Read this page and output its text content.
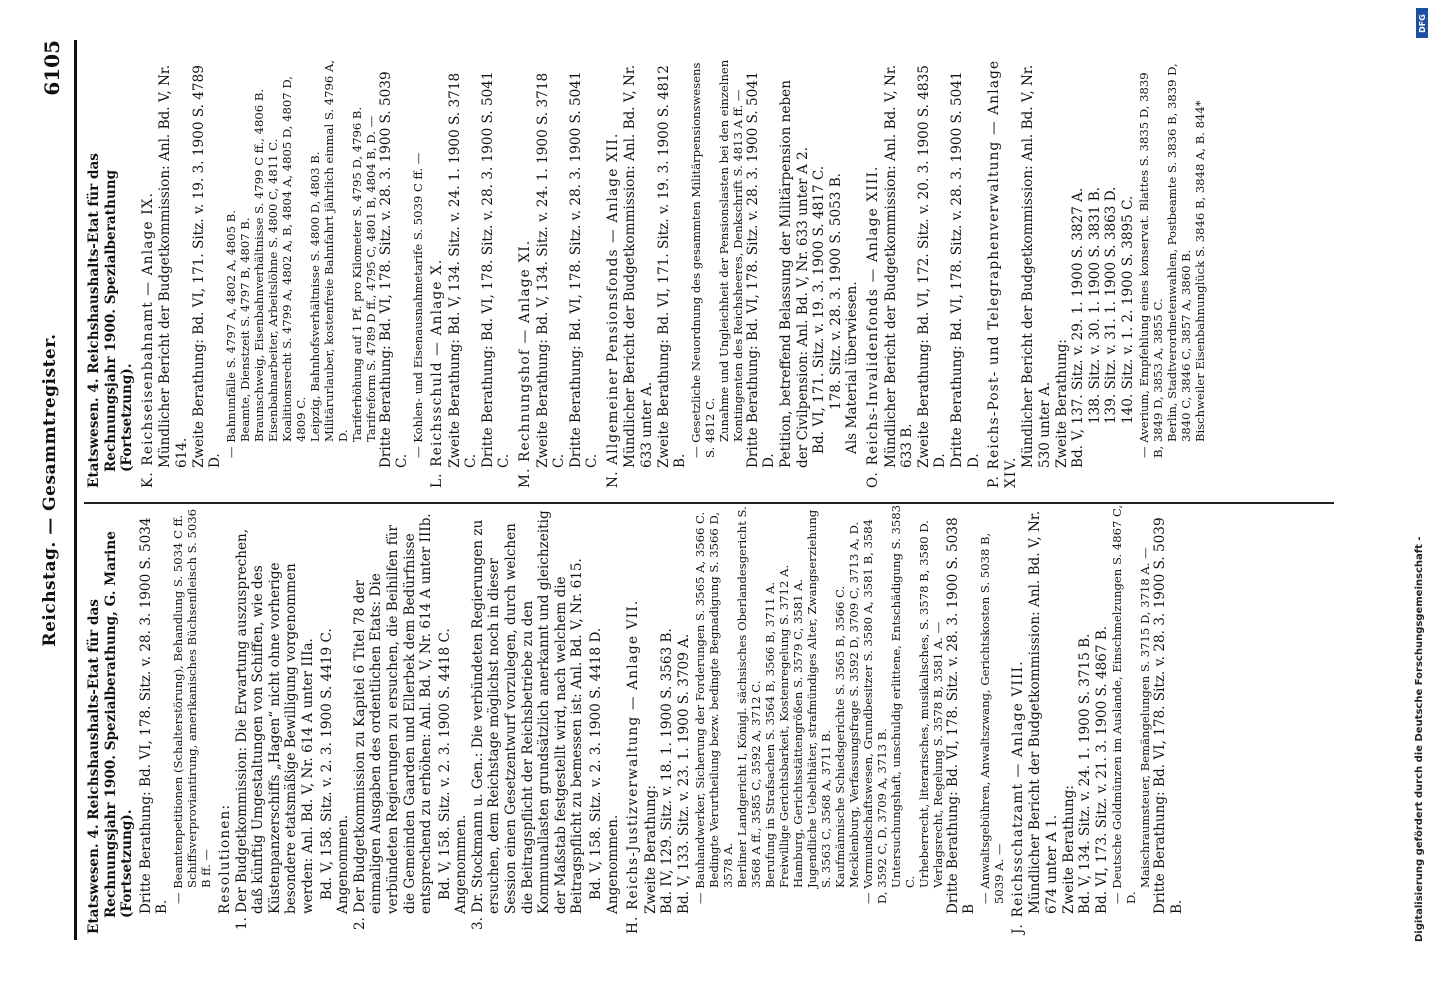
Reichstag. — Gesammtregister.
6105

Etatswesen. 4. Reichshaushalts-Etat für das Rechnungsjahr 1900. Spezialberathung, G. Marine (Fortsetzung). Dritte Berathung: Bd. VI, 178. Sitz. v. 28. 3. 1900 S. 5034 B.

— Beamtenpetitionen (Schalterstörung), Behandlung S. 5034 C ff. Schiffsverproviantirung, amerikanisches Büchsenfleisch S. 5036 B ff. — Resolutionen: 1. Der Budgetkommission: Die Erwartung auszusprechen, daß künftig Umgestaltungen von Schiffen, wie des Küstenpanzerschiffs „Hagen“ nicht ohne vorherige besondere etatsmäßige Bewilligung vorgenommen werden: Anl. Bd. V, Nr. 614 A unter IIIa. Bd. V, 158. Sitz. v. 2. 3. 1900 S. 4419 C. Angenommen. 2. Der Budgetkommission zu Kapitel 6 Titel 78 der einmaligen Ausgaben des ordentlichen Etats: Die verbündeten Regierungen zu ersuchen, die Beihilfen für die Gemeinden Gaarden und Ellerbek dem Bedürfnisse entsprechend zu erhöhen: Anl. Bd. V, Nr. 614 A unter IIIb. Bd. V, 158. Sitz. v. 2. 3. 1900 S. 4418 C. Angenommen. 3. Dr. Stockmann u. Gen.: Die verbündeten Regierungen zu ersuchen, dem Reichstage möglichst noch in dieser Session einen Gesetzentwurf vorzulegen, durch welchen die Beitragspflicht der Reichsbetriebe zu den Kommunallasten grundsätzlich anerkannt und gleichzeitig der Maßstab festgestellt wird, nach welchem die Beitragspflicht zu bemessen ist: Anl. Bd. V, Nr. 615. Bd. V, 158. Sitz. v. 2. 3. 1900 S. 4418 D. Angenommen. H. Reichs-Justizverwaltung — Anlage VII. Zweite Berathung: Bd. IV, 129. Sitz. v. 18. 1. 1900 S. 3563 B. Bd. V, 133. Sitz. v. 23. 1. 1900 S. 3709 A. — Bauhandwerker, Sicherung der Forderungen S. 3565 A, 3566 C. Bedingte Verurtheilung bezw. bedingte Begnadigung S. 3566 D, 3578 A. Berliner Landgericht I, Königl. sächsisches Oberlandesgericht S. 3568 A ff., 3585 C, 3592 A, 3712 C. Berufung in Strafsachen S. 3564 B, 3566 B, 3711 A. Freiwillige Gerichtsbarkeit, Kostenregelung S. 3712 A. Hamburg, Gerichtsstättengrößen S. 3579 C, 3581 A. Jugendliche Uebelthäter, strafmündiges Alter, Zwangserziehung S. 3563 C, 3568 A, 3711 B. Kaufmännische Schiedsgerichte S. 3565 B, 3566 C. Mecklenburg, Verfassungsfrage S. 3592 D, 3709 C, 3713 A, D. — Vormundschaftswesen, Grundbesitzer S. 3580 A, 3581 B, 3584 D, 3592 C, D, 3709 A, 3713 B. Untersuchungshaft, unschuldig erlittene, Entschädigung S. 3583 C. Urheberrecht, literarisches, musikalisches, S. 3578 B, 3580 D. Verlagsrecht, Regelung S. 3578 B, 3581 A. — Dritte Berathung: Bd. VI, 178. Sitz. v. 28. 3. 1900 S. 5038 B

— Anwaltsgebühren, Anwaltszwang, Gerichtskosten S. 5038 B, 5039 A. — J. Reichsschatzamt — Anlage VIII. Mündlicher Bericht der Budgetkommission: Anl. Bd. V, Nr. 674 unter A 1. Zweite Berathung: Bd. V, 134. Sitz. v. 24. 1. 1900 S. 3715 B. Bd. VI, 173. Sitz. v. 21. 3. 1900 S. 4867 B. — Deutsche Goldmünzen im Auslande, Einschmelzungen S. 4867 C, D.

Maischraumsteuer, Bemängelungen S. 3715 D, 3718 A. — Dritte Berathung: Bd. VI, 178. Sitz. v. 28. 3. 1900 S. 5039 B.

Etatswesen. 4. Reichshaushalts-Etat für das Rechnungsjahr 1900. Spezialberathung (Fortsetzung). K. Reichseisenbahnamt — Anlage IX. Mündlicher Bericht der Budgetkommission: Anl. Bd. V, Nr. 614. Zweite Berathung: Bd. VI, 171. Sitz. v. 19. 3. 1900 S. 4789 D.

— Bahnunfälle S. 4797 A, 4802 A, 4805 B. Beamte, Dienstzeit S. 4797 B, 4807 B. Braunschweig, Eisenbahnverhältnisse S. 4799 C ff., 4806 B. Eisenbahnarbeiter, Arbeitslöhne S. 4800 C, 4811 C. Koalitionsrecht S. 4799 A, 4802 A, B, 4804 A, 4805 D, 4807 D, 4809 C. Leipzig, Bahnhofsverhältnisse S. 4800 D, 4803 B. Militärurlauber, kostenfreie Bahnfahrt jährlich einmal S. 4796 A, D. Tariferhöhung auf 1 Pf. pro Kilometer S. 4795 D, 4796 B. Tarifreform S. 4789 D ff., 4795 C, 4801 B, 4804 B, D. — Dritte Berathung: Bd. VI, 178. Sitz. v. 28. 3. 1900 S. 5039 C.

— Kohlen- und Eisenausnahmetarife S. 5039 C ff. — L. Reichsschuld — Anlage X. Zweite Berathung: Bd. V, 134. Sitz. v. 24. 1. 1900 S. 3718 C. Dritte Berathung: Bd. VI, 178. Sitz. v. 28. 3. 1900 S. 5041 C. M. Rechnungshof — Anlage XI. Zweite Berathung: Bd. V, 134. Sitz. v. 24. 1. 1900 S. 3718 C. Dritte Berathung: Bd. VI, 178. Sitz. v. 28. 3. 1900 S. 5041 C. N. Allgemeiner Pensionsfonds — Anlage XII. Mündlicher Bericht der Budgetkommission: Anl. Bd. V, Nr. 633 unter A. Zweite Berathung: Bd. VI, 171. Sitz. v. 19. 3. 1900 S. 4812 B.

— Gesetzliche Neuordnung des gesammten Militärpensionswesens S. 4812 C. Zunahme und Ungleichheit der Pensionslasten bei den einzelnen Kontingenten des Reichsheeres, Denkschrift S. 4813 A ff. — Dritte Berathung: Bd. VI, 178. Sitz. v. 28. 3. 1900 S. 5041 D. Petition, betreffend Belassung der Militärpension neben der Civilpension: Anl. Bd. V, Nr. 633 unter A 2. Bd. VI, 171. Sitz. v. 19. 3. 1900 S. 4817 C. 178. Sitz. v. 28. 3. 1900 S. 5053 B. Als Material überwiesen. O. Reichs-Invalidenfonds — Anlage XIII. Mündlicher Bericht der Budgetkommission: Anl. Bd. V, Nr. 633 B. Zweite Berathung: Bd. VI, 172. Sitz. v. 20. 3. 1900 S. 4835 D. Dritte Berathung: Bd. VI, 178. Sitz. v. 28. 3. 1900 S. 5041 D. P. Reichs-Post- und Telegraphenverwaltung — Anlage XIV.

Mündlicher Bericht der Budgetkommission: Anl. Bd. V, Nr. 530 unter A. Zweite Berathung: Bd. V, 137. Sitz. v. 29. 1. 1900 S. 3827 A. 138. Sitz. v. 30. 1. 1900 S. 3831 B. 139. Sitz. v. 31. 1. 1900 S. 3863 D. 140. Sitz. v. 1. 2. 1900 S. 3895 C. — Averium, Empfehlung eines konservat. Blattes S. 3835 D, 3839 B, 3849 D, 3853 A, 3855 C. Berlin, Stadtverordnetenwahlen, Postbeamte S. 3836 B, 3839 D, 3840 C, 3846 C, 3857 A, 3860 B. Bischweiler Eisenbahnunglück S. 3846 B, 3848 A, B. 844*

DFG
Digitalisierung gefördert durch die Deutsche Forschungsgemeinschaft -
